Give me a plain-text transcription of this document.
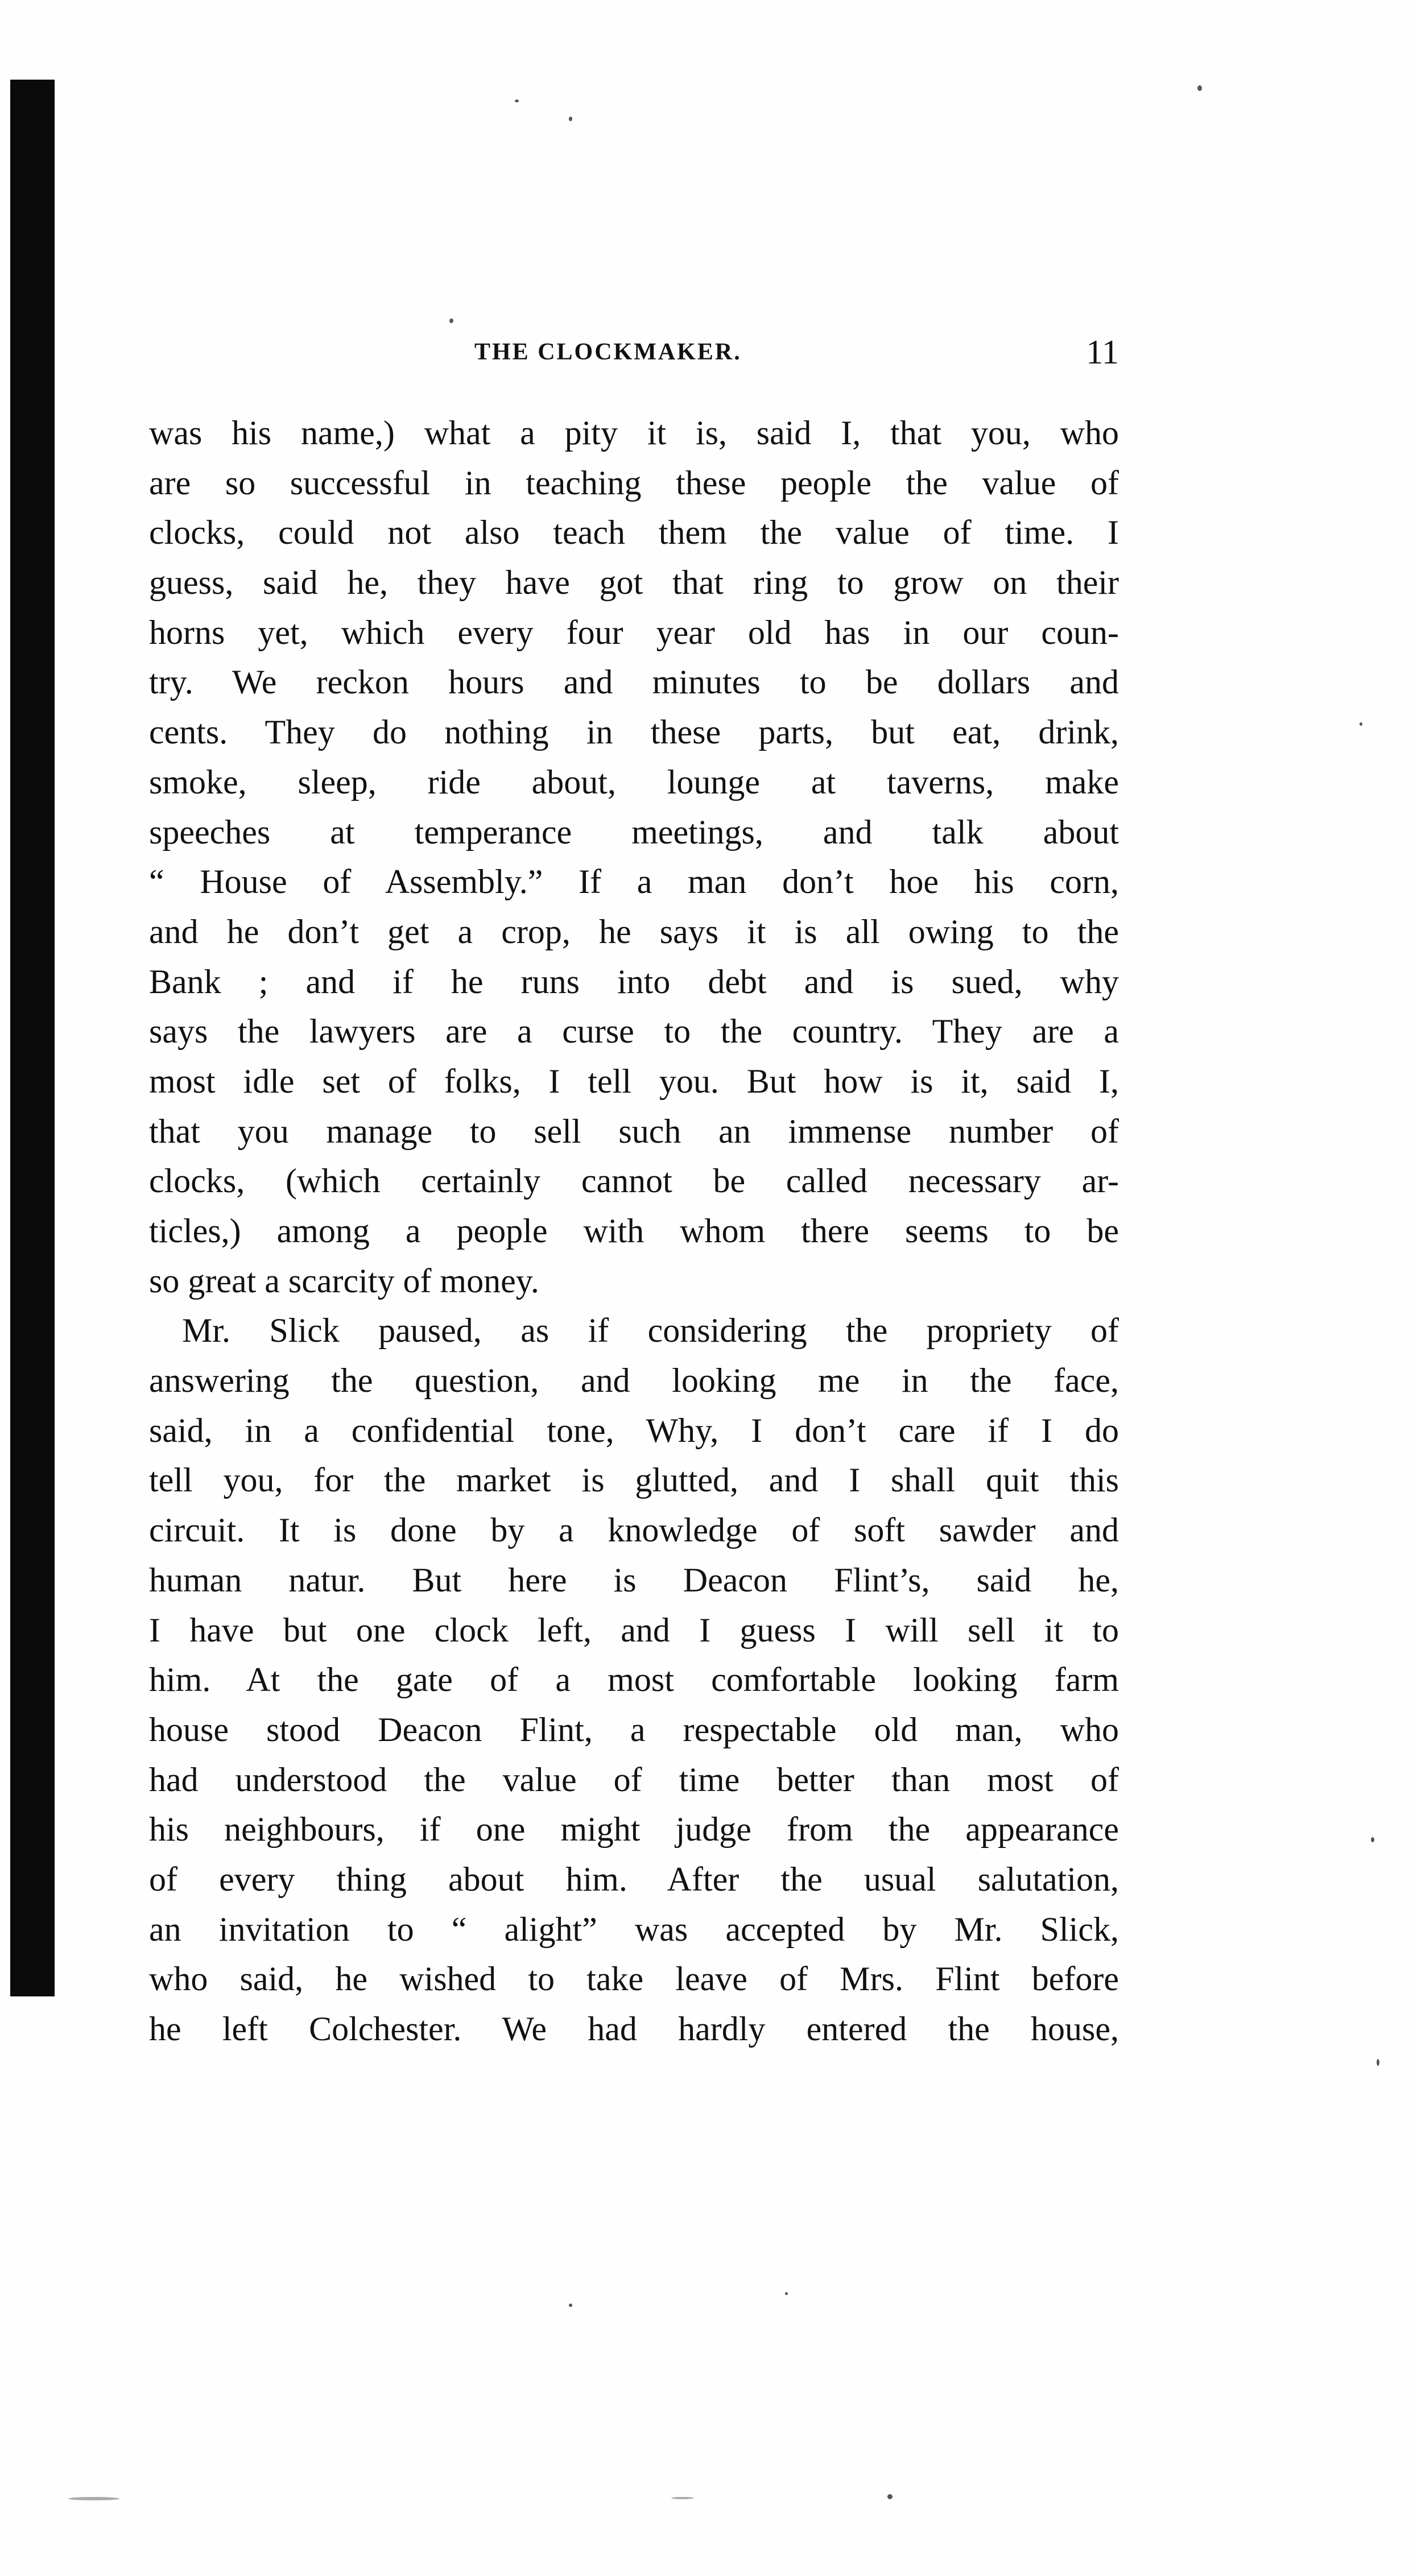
THE CLOCKMAKER.	11
was his name,) what a pity it is, said I, that you, who
are so successful in teaching these people the value of
clocks, could not also teach them the value of time. I
guess, said he, they have got that ring to grow on their
horns yet, which every four year old has in our coun-
try. We reckon hours and minutes to be dollars and
cents. They do nothing in these parts, but eat, drink,
smoke, sleep, ride about, lounge at taverns, make
speeches at temperance meetings, and talk about
“ House of Assembly.” If a man don’t hoe his corn,
and he don’t get a crop, he says it is all owing to the
Bank ; and if he runs into debt and is sued, why
says the lawyers are a curse to the country. They are a
most idle set of folks, I tell you. But how is it, said I,
that you manage to sell such an immense number of
clocks, (which certainly cannot be called necessary ar-
ticles,) among a people with whom there seems to be
so great a scarcity of money.
Mr. Slick paused, as if considering the propriety of
answering the question, and looking me in the face,
said, in a confidential tone, Why, I don’t care if I do
tell you, for the market is glutted, and I shall quit this
circuit. It is done by a knowledge of soft sawder and
human natur. But here is Deacon Flint’s, said he,
I have but one clock left, and I guess I will sell it to
him. At the gate of a most comfortable looking farm
house stood Deacon Flint, a respectable old man, who
had understood the value of time better than most of
his neighbours, if one might judge from the appearance
of every thing about him. After the usual salutation,
an invitation to “ alight” was accepted by Mr. Slick,
who said, he wished to take leave of Mrs. Flint before
he left Colchester. We had hardly entered the house,
